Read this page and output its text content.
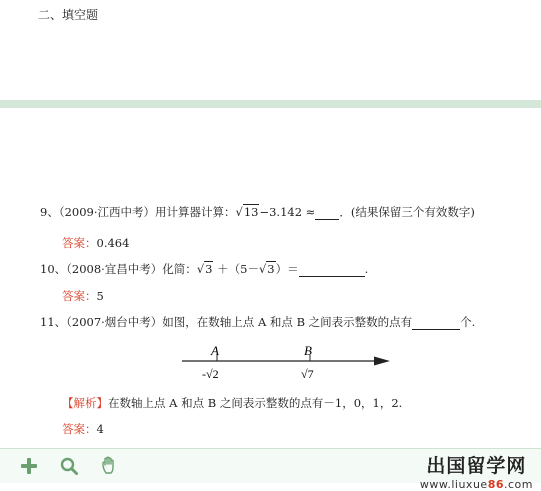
二、填空题
9、（2009·江西中考）用计算器计算：√13−3.142 ≈ ．(结果保留三个有效数字)
答案：0.464
10、（2008·宜昌中考）化简：√3 ＋（5－√3）＝	.
答案：5
11、（2007·烟台中考）如图，在数轴上点 A 和点 B 之间表示整数的点有	个.
A	B
-√2	√7
【解析】在数轴上点 A 和点 B 之间表示整数的点有－1，0，1，2.
答案：4
出国留学网
www.liuxue86.com
